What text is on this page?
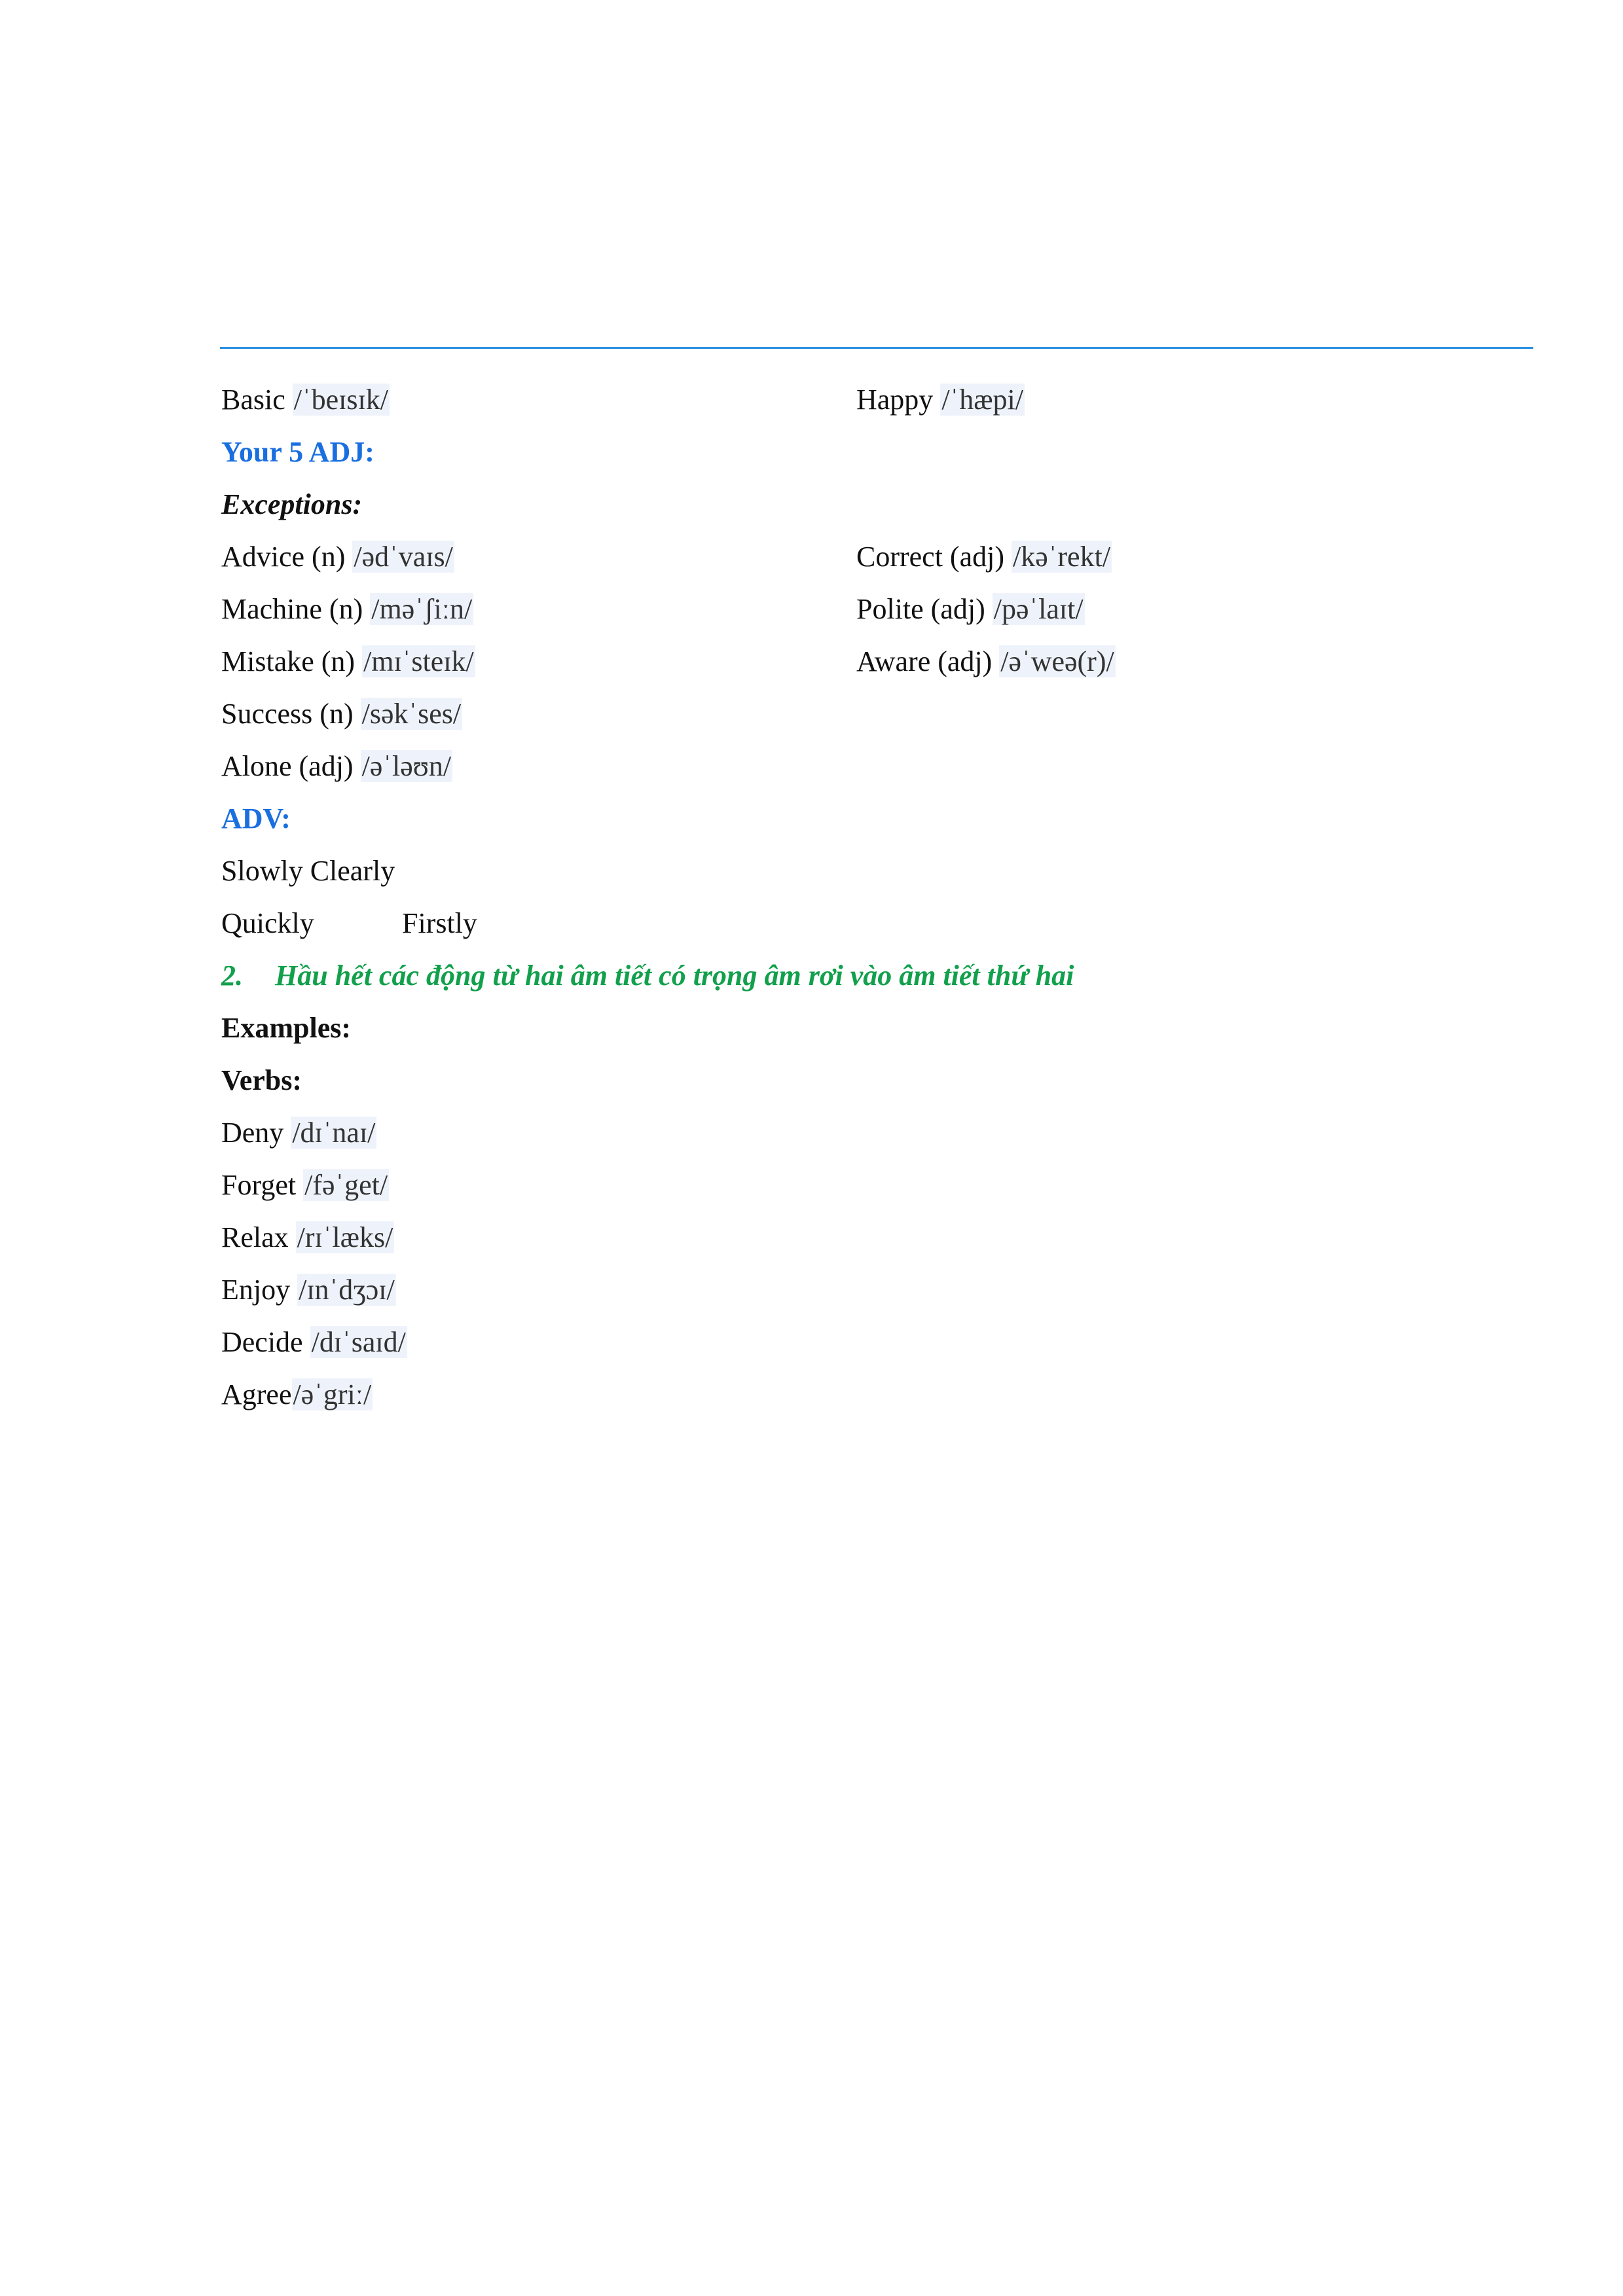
Basic /ˈbeɪsɪk/	Happy /ˈhæpi/
Your 5 ADJ:
Exceptions:
Advice (n) /ədˈvaɪs/
Machine (n) /məˈʃiːn/
Mistake (n) /mɪˈsteɪk/
Success (n) /səkˈses/
Alone (adj) /əˈləʊn/
Correct (adj) /kəˈrekt/
Polite (adj) /pəˈlaɪt/
Aware (adj) /əˈweə(r)/
ADV:
Slowly Clearly
Quickly	Firstly
2. Hầu hết các động từ hai âm tiết có trọng âm rơi vào âm tiết thứ hai
Examples:
Verbs:
Deny /dɪˈnaɪ/
Forget /fəˈget/
Relax /rɪˈlæks/
Enjoy /ɪnˈdʒɔɪ/
Decide /dɪˈsaɪd/
Agree/əˈgriː/
